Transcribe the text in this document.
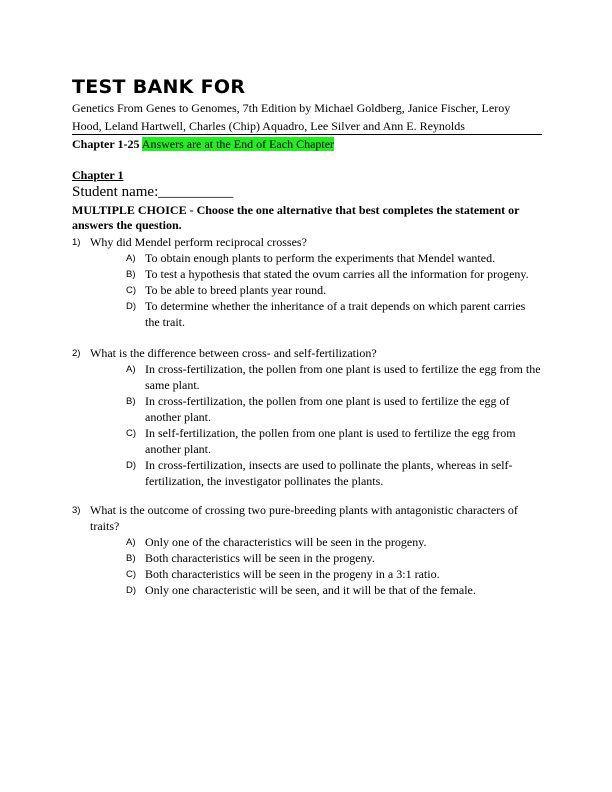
TEST BANK FOR
Genetics From Genes to Genomes, 7th Edition by Michael Goldberg, Janice Fischer, Leroy Hood, Leland Hartwell, Charles (Chip) Aquadro, Lee Silver and Ann E. Reynolds
Chapter 1-25 Answers are at the End of Each Chapter
Chapter 1
Student name:__________
MULTIPLE CHOICE - Choose the one alternative that best completes the statement or answers the question.
1) Why did Mendel perform reciprocal crosses?
A) To obtain enough plants to perform the experiments that Mendel wanted.
B) To test a hypothesis that stated the ovum carries all the information for progeny.
C) To be able to breed plants year round.
D) To determine whether the inheritance of a trait depends on which parent carries the trait.
2) What is the difference between cross- and self-fertilization?
A) In cross-fertilization, the pollen from one plant is used to fertilize the egg from the same plant.
B) In cross-fertilization, the pollen from one plant is used to fertilize the egg of another plant.
C) In self-fertilization, the pollen from one plant is used to fertilize the egg from another plant.
D) In cross-fertilization, insects are used to pollinate the plants, whereas in self-fertilization, the investigator pollinates the plants.
3) What is the outcome of crossing two pure-breeding plants with antagonistic characters of traits?
A) Only one of the characteristics will be seen in the progeny.
B) Both characteristics will be seen in the progeny.
C) Both characteristics will be seen in the progeny in a 3:1 ratio.
D) Only one characteristic will be seen, and it will be that of the female.
